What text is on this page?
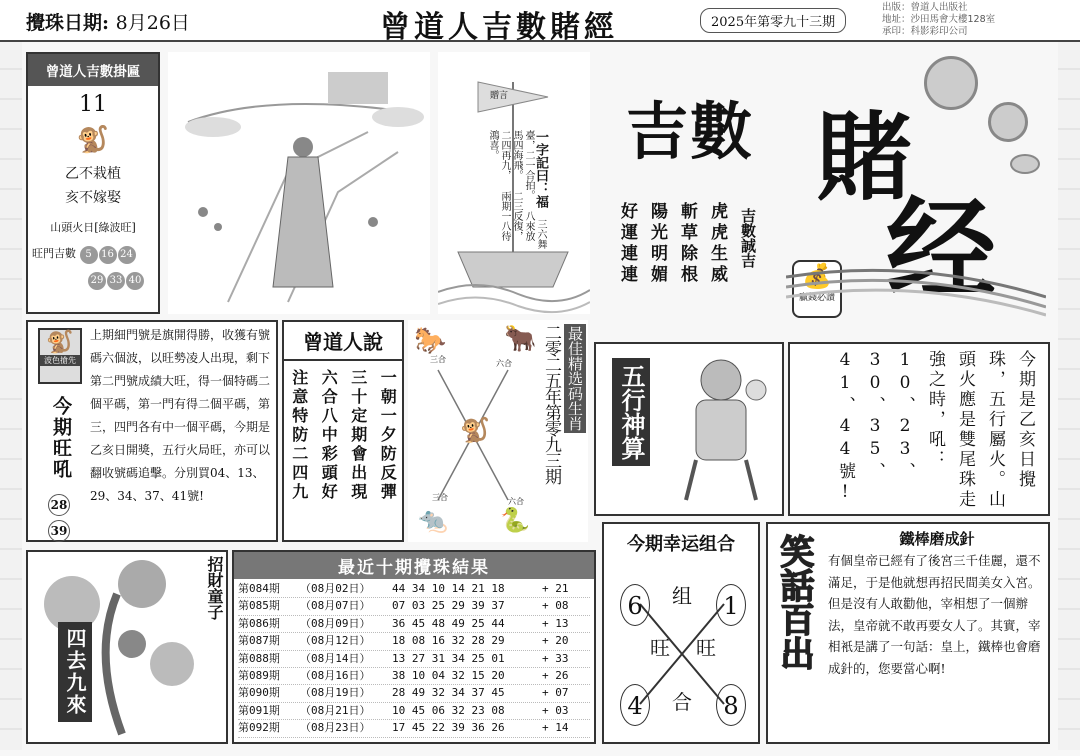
攪珠日期: 8月26日	曾道人吉數賭經	2025年第零九十三期
出版：曾道人出版社
地址：沙田馬會大樓128室
承印：科影彩印公司
曾道人吉數掛匾
11
🐒
乙不栽植
亥不嫁娶
山頭火日[綠波旺]
旺門吉數 5 16 24
29 33 40
贈言
一字記曰：福 三六舞臺，二一合拍。 八來放馬四海飛。 二三反復，二四再九， 兩期一八待鴻喜。	吉數 賭
经
吉數誠吉
虎虎生威
斬草除根
陽光明媚
好運連連	💰
贏錢必讀
🐒
波色搶先
今期旺吼
28
39
上期細門號是旗開得勝，收獲有號碼六個波，以旺勢凌人出現，剩下第二門號成績大旺，得一個特碼二個平碼，第一門有得二個平碼，第三，四門各有中一個平碼，今期是乙亥日開獎，五行火局旺，亦可以翻收號碼追擊。分別買04、13、29、34、37、41號!
曾道人說
一朝一夕防反彈
三十定期會出現
六合八中彩頭好
注意特防二四九
🐎 🐂
🐒
🐀 🐍
三合	六合
三合	六合
最佳精选码生肖
二零二五年第零九三期 五行神算	今期是乙亥日攪珠，五行屬火。山頭火應是雙尾珠走強之時，吼：10、23、30、35、41、44號!
最近十期攪珠結果
第084期	（08月02日）	44 34 10 14 21 18	+ 21
第085期	（08月07日）	07 03 25 29 39 37	+ 08
第086期	（08月09日）	36 45 48 49 25 44	+ 13
第087期	（08月12日）	18 08 16 32 28 29	+ 20
第088期	（08月14日）	13 27 31 34 25 01	+ 33
第089期	（08月16日）	38 10 04 32 15 20	+ 26
第090期	（08月19日）	28 49 32 34 37 45	+ 07
第091期	（08月21日）	10 45 06 32 23 08	+ 03
第092期	（08月23日）	17 45 22 39 36 26	+ 14
招財童子
四去九來
今期幸运组合
6	1
4	8
组
旺 旺
合
笑話百出	鐵棒磨成針
有個皇帝已經有了後宮三千佳麗，還不滿足，于是他就想再招民間美女入宮。但是沒有人敢勸他，宰相想了一個辦法，皇帝就不敢再要女人了。其實，宰相衹是講了一句話：皇上，鐵棒也會磨成針的，您要當心啊!
